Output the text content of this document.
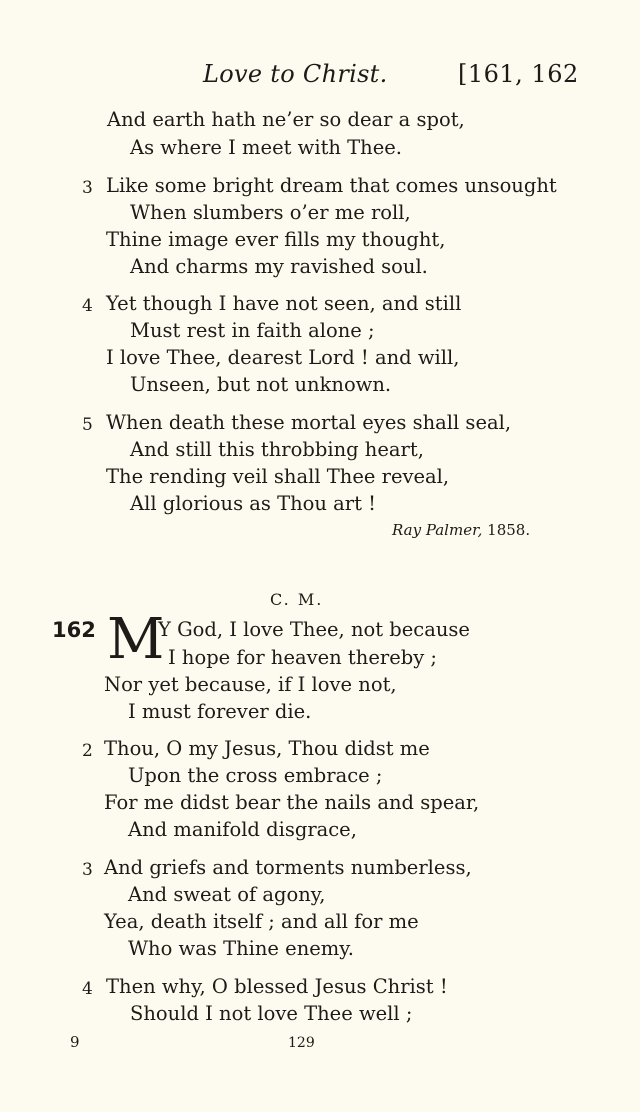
Love to Christ.	[161, 162
And earth hath ne’er so dear a spot,
As where I meet with Thee.
3 Like some bright dream that comes unsought
When slumbers o’er me roll,
Thine image ever fills my thought,
And charms my ravished soul.
4 Yet though I have not seen, and still
Must rest in faith alone ;
I love Thee, dearest Lord ! and will,
Unseen, but not unknown.
5 When death these mortal eyes shall seal,
And still this throbbing heart,
The rending veil shall Thee reveal,
All glorious as Thou art !
Ray Palmer, 1858.
C. M.
162 M
Y God, I love Thee, not because
I hope for heaven thereby ;
Nor yet because, if I love not,
I must forever die.
2 Thou, O my Jesus, Thou didst me
Upon the cross embrace ;
For me didst bear the nails and spear,
And manifold disgrace,
3 And griefs and torments numberless,
And sweat of agony,
Yea, death itself ; and all for me
Who was Thine enemy.
4 Then why, O blessed Jesus Christ !
Should I not love Thee well ;
9	129
